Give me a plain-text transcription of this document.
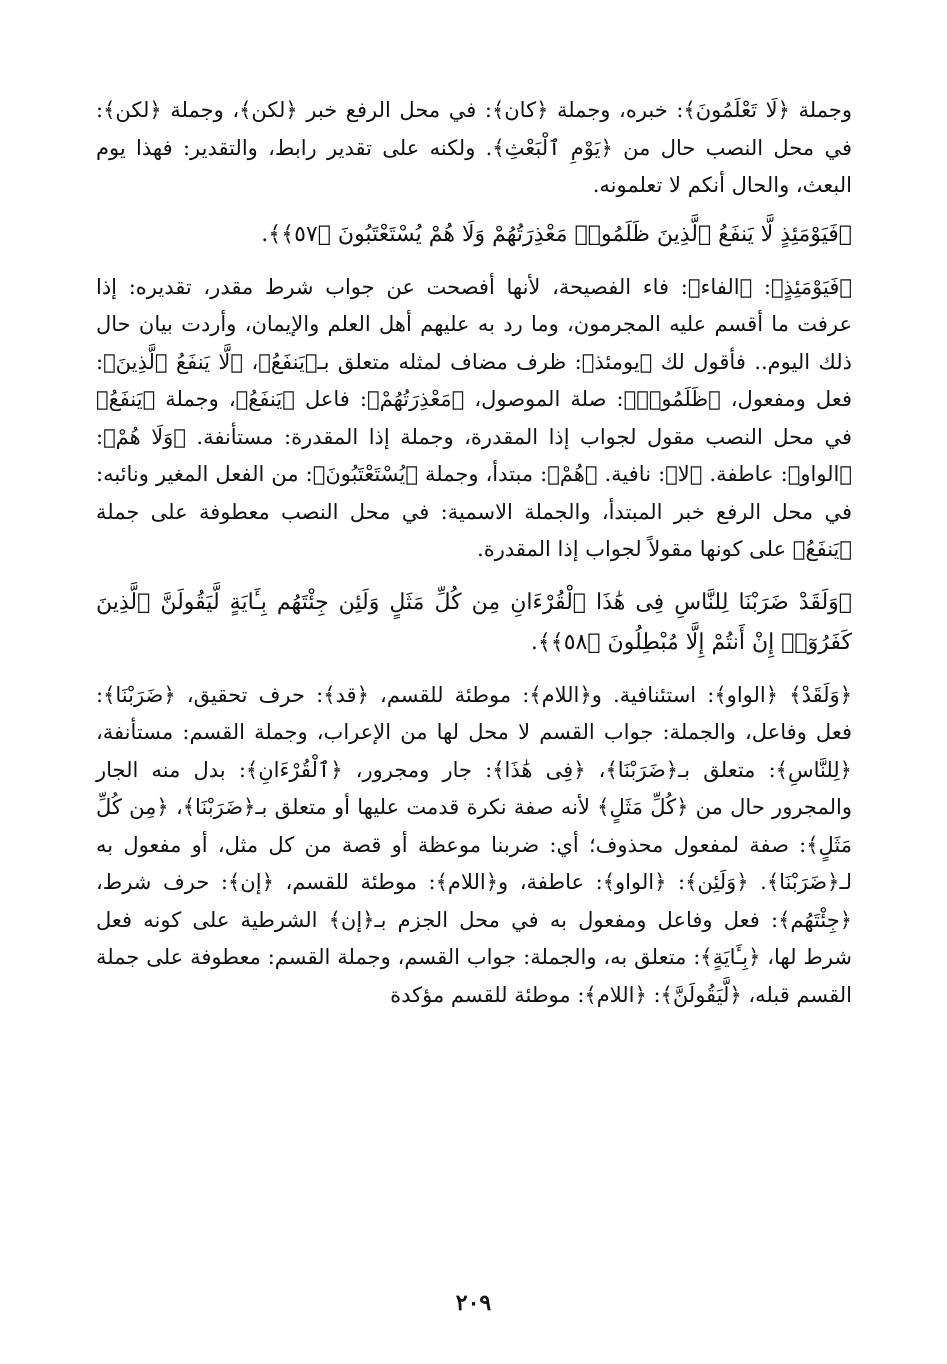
وجملة ﴿لَا تَعْلَمُونَ﴾: خبره، وجملة ﴿كان﴾: في محل الرفع خبر ﴿لكن﴾، وجملة ﴿لكن﴾: في محل النصب حال من ﴿يَوْمِ ٱلْبَعْثِ﴾. ولكنه على تقدير رابط، والتقدير: فهذا يوم البعث، والحال أنكم لا تعلمونه.

﴿فَيَوْمَئِذٍ لَّا يَنفَعُ ٱلَّذِينَ ظَلَمُوا۟ مَعْذِرَتُهُمْ وَلَا هُمْ يُسْتَعْتَبُونَ ﴿٥٧﴾﴾.

﴿فَيَوْمَئِذٍ﴾: ﴿الفاء﴾: فاء الفصيحة، لأنها أفصحت عن جواب شرط مقدر، تقديره: إذا عرفت ما أقسم عليه المجرمون، وما رد به عليهم أهل العلم والإيمان، وأردت بيان حال ذلك اليوم.. فأقول لك ﴿يومئذ﴾: ظرف مضاف لمثله متعلق بـ﴿يَنفَعُ﴾، ﴿لَّا يَنفَعُ ٱلَّذِينَ﴾: فعل ومفعول، ﴿ظَلَمُوا۟﴾: صلة الموصول، ﴿مَعْذِرَتُهُمْ﴾: فاعل ﴿يَنفَعُ﴾، وجملة ﴿يَنفَعُ﴾ في محل النصب مقول لجواب إذا المقدرة، وجملة إذا المقدرة: مستأنفة. ﴿وَلَا هُمْ﴾: ﴿الواو﴾: عاطفة. ﴿لا﴾: نافية. ﴿هُمْ﴾: مبتدأ، وجملة ﴿يُسْتَعْتَبُونَ﴾: من الفعل المغير ونائبه: في محل الرفع خبر المبتدأ، والجملة الاسمية: في محل النصب معطوفة على جملة ﴿يَنفَعُ﴾ على كونها مقولاً لجواب إذا المقدرة.

﴿وَلَقَدْ ضَرَبْنَا لِلنَّاسِ فِى هَٰذَا ٱلْقُرْءَانِ مِن كُلِّ مَثَلٍ وَلَئِن جِئْتَهُم بِـَٔايَةٍ لَّيَقُولَنَّ ٱلَّذِينَ كَفَرُوٓا۟ إِنْ أَنتُمْ إِلَّا مُبْطِلُونَ ﴿٥٨﴾﴾.

﴿وَلَقَدْ﴾ ﴿الواو﴾: استئنافية. و﴿اللام﴾: موطئة للقسم، ﴿قد﴾: حرف تحقيق، ﴿ضَرَبْنَا﴾: فعل وفاعل، والجملة: جواب القسم لا محل لها من الإعراب، وجملة القسم: مستأنفة، ﴿لِلنَّاسِ﴾: متعلق بـ﴿ضَرَبْنَا﴾، ﴿فِى هَٰذَا﴾: جار ومجرور، ﴿ٱلْقُرْءَانِ﴾: بدل منه الجار والمجرور حال من ﴿كُلِّ مَثَلٍ﴾ لأنه صفة نكرة قدمت عليها أو متعلق بـ﴿ضَرَبْنَا﴾، ﴿مِن كُلِّ مَثَلٍ﴾: صفة لمفعول محذوف؛ أي: ضربنا موعظة أو قصة من كل مثل، أو مفعول به لـ﴿ضَرَبْنَا﴾. ﴿وَلَئِن﴾: ﴿الواو﴾: عاطفة، و﴿اللام﴾: موطئة للقسم، ﴿إن﴾: حرف شرط، ﴿جِئْتَهُم﴾: فعل وفاعل ومفعول به في محل الجزم بـ﴿إن﴾ الشرطية على كونه فعل شرط لها، ﴿بِـَٔايَةٍ﴾: متعلق به، والجملة: جواب القسم، وجملة القسم: معطوفة على جملة القسم قبله، ﴿لَّيَقُولَنَّ﴾: ﴿اللام﴾: موطئة للقسم مؤكدة

٢٠٩
